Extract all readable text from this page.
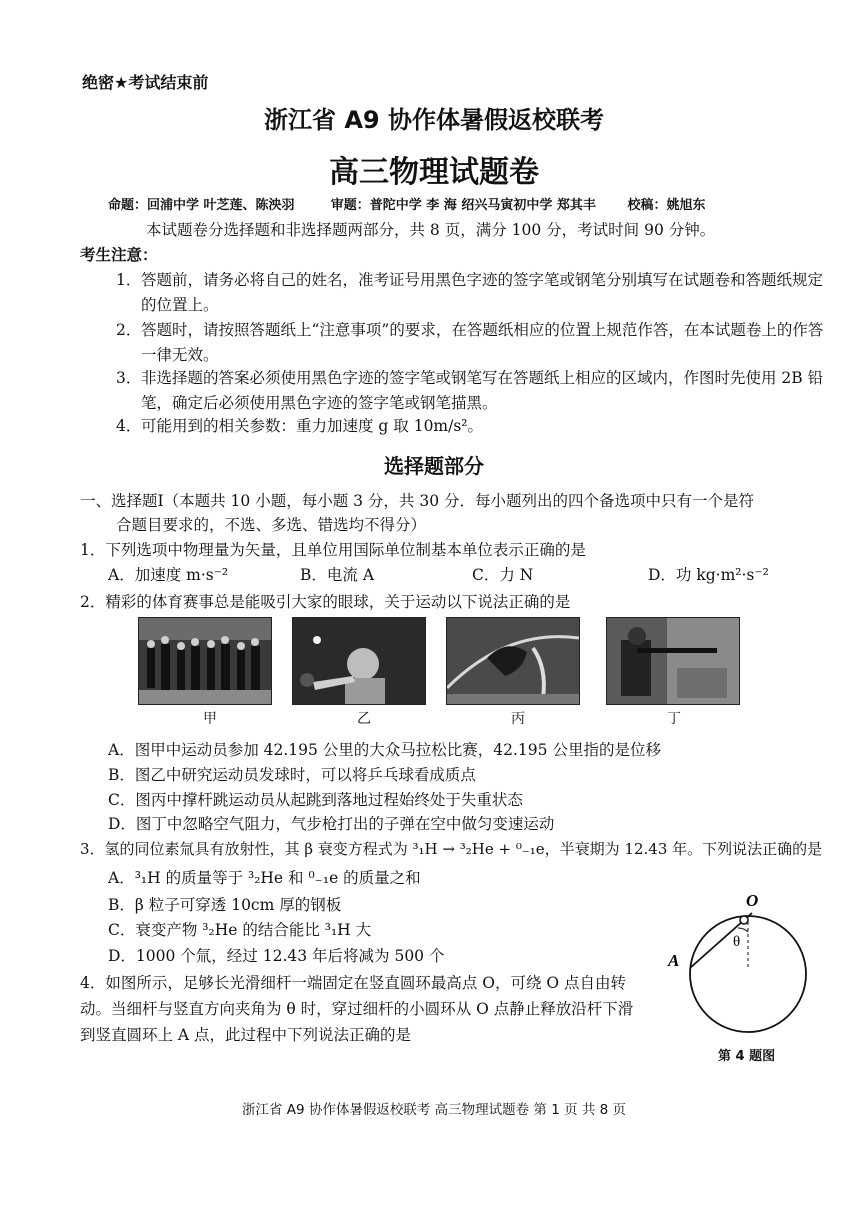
绝密★考试结束前
浙江省 A9 协作体暑假返校联考
高三物理试题卷
命题：回浦中学 叶芝莲、陈泱羽	审题：普陀中学 李 海 绍兴马寅初中学 郑其丰 校稿：姚旭东
本试题卷分选择题和非选择题两部分，共 8 页，满分 100 分，考试时间 90 分钟。
考生注意：
1． 答题前，请务必将自己的姓名，准考证号用黑色字迹的签字笔或钢笔分别填写在试题卷和答题纸规定的位置上。
2． 答题时，请按照答题纸上“注意事项”的要求，在答题纸相应的位置上规范作答，在本试题卷上的作答一律无效。
3． 非选择题的答案必须使用黑色字迹的签字笔或钢笔写在答题纸上相应的区域内，作图时先使用 2B 铅笔，确定后必须使用黑色字迹的签字笔或钢笔描黑。
4． 可能用到的相关参数：重力加速度 g 取 10m/s²。
选择题部分
一、选择题Ⅰ（本题共 10 小题，每小题 3 分，共 30 分．每小题列出的四个备选项中只有一个是符
合题目要求的，不选、多选、错选均不得分）
1．下列选项中物理量为矢量，且单位用国际单位制基本单位表示正确的是
A．加速度 m·s⁻²	B．电流 A	C．力 N	D．功 kg·m²·s⁻²
2．精彩的体育赛事总是能吸引大家的眼球，关于运动以下说法正确的是
甲	乙	丙	丁
A．图甲中运动员参加 42.195 公里的大众马拉松比赛，42.195 公里指的是位移
B．图乙中研究运动员发球时，可以将乒乓球看成质点
C．图丙中撑杆跳运动员从起跳到落地过程始终处于失重状态
D．图丁中忽略空气阻力，气步枪打出的子弹在空中做匀变速运动
3．氢的同位素氚具有放射性，其 β 衰变方程式为 ³₁H → ³₂He + ⁰₋₁e，半衰期为 12.43 年。下列说法正确的是
A．³₁H 的质量等于 ³₂He 和 ⁰₋₁e 的质量之和
B．β 粒子可穿透 10cm 厚的钢板
C．衰变产物 ³₂He 的结合能比 ³₁H 大
D．1000 个氚，经过 12.43 年后将减为 500 个
4．如图所示，足够长光滑细杆一端固定在竖直圆环最高点 O，可绕 O 点自由转动。当细杆与竖直方向夹角为 θ 时，穿过细杆的小圆环从 O 点静止释放沿杆下滑到竖直圆环上 A 点，此过程中下列说法正确的是
O
A
θ
第 4 题图
浙江省 A9 协作体暑假返校联考 高三物理试题卷 第 1 页 共 8 页
